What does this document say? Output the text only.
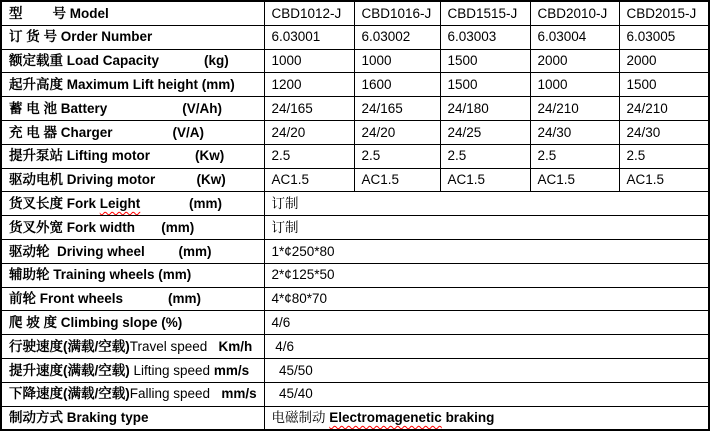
型        号 Model	CBD1012-J	CBD1016-J	CBD1515-J	CBD2010-J	CBD2015-J
订 货 号 Order Number	6.03001	6.03002	6.03003	6.03004	6.03005
额定载重 Load Capacity            (kg)	1000	1000	1500	2000	2000
起升高度 Maximum Lift height (mm)	1200	1600	1500	1000	1500
蓄 电 池 Battery                    (V/Ah)	24/165	24/165	24/180	24/210	24/210
充 电 器 Charger                (V/A)	24/20	24/20	24/25	24/30	24/30
提升泵站 Lifting motor            (Kw)	2.5	2.5	2.5	2.5	2.5
驱动电机 Driving motor           (Kw)	AC1.5	AC1.5	AC1.5	AC1.5	AC1.5
货叉长度 Fork Leight             (mm)	订制				
货叉外宽 Fork width       (mm)	订制				
驱动轮  Driving wheel         (mm)	1*¢250*80				
辅助轮 Training wheels (mm)	2*¢125*50				
前轮 Front wheels            (mm)	4*¢80*70				
爬 坡 度 Climbing slope (%)	4/6				
行驶速度(满载/空载)Travel speed   Km/h	4/6				
提升速度(满载/空载) Lifting speed mm/s	45/50				
下降速度(满载/空载)Falling speed   mm/s	45/40				
制动方式 Braking type	电磁制动 Electromagenetic braking				
